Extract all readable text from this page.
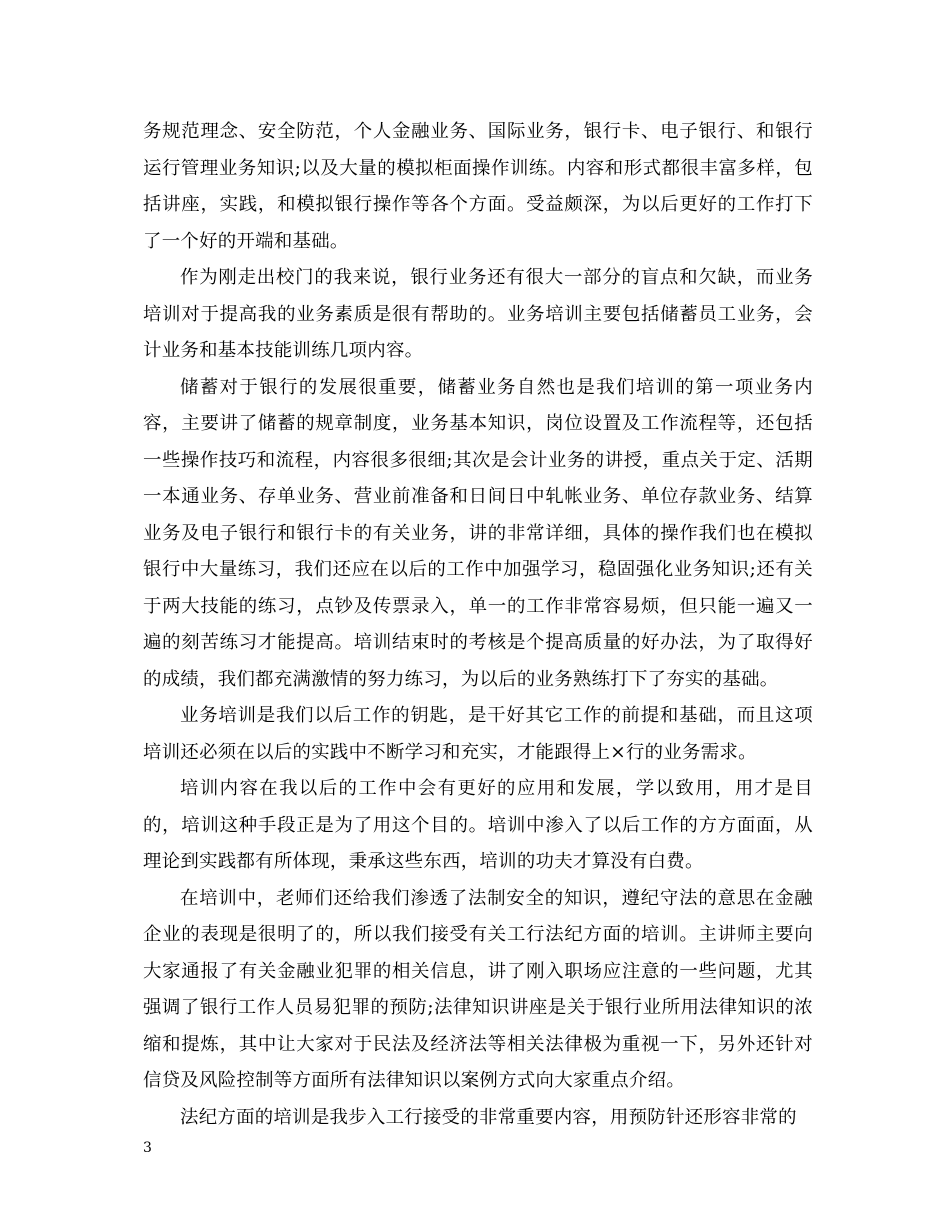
务规范理念、安全防范，个人金融业务、国际业务，银行卡、电子银行、和银行运行管理业务知识;以及大量的模拟柜面操作训练。内容和形式都很丰富多样，包括讲座，实践，和模拟银行操作等各个方面。受益颇深，为以后更好的工作打下了一个好的开端和基础。

作为刚走出校门的我来说，银行业务还有很大一部分的盲点和欠缺，而业务培训对于提高我的业务素质是很有帮助的。业务培训主要包括储蓄员工业务，会计业务和基本技能训练几项内容。

储蓄对于银行的发展很重要，储蓄业务自然也是我们培训的第一项业务内容，主要讲了储蓄的规章制度，业务基本知识，岗位设置及工作流程等，还包括一些操作技巧和流程，内容很多很细;其次是会计业务的讲授，重点关于定、活期一本通业务、存单业务、营业前准备和日间日中轧帐业务、单位存款业务、结算业务及电子银行和银行卡的有关业务，讲的非常详细，具体的操作我们也在模拟银行中大量练习，我们还应在以后的工作中加强学习，稳固强化业务知识;还有关于两大技能的练习，点钞及传票录入，单一的工作非常容易烦，但只能一遍又一遍的刻苦练习才能提高。培训结束时的考核是个提高质量的好办法，为了取得好的成绩，我们都充满激情的努力练习，为以后的业务熟练打下了夯实的基础。

业务培训是我们以后工作的钥匙，是干好其它工作的前提和基础，而且这项培训还必须在以后的实践中不断学习和充实，才能跟得上×行的业务需求。

培训内容在我以后的工作中会有更好的应用和发展，学以致用，用才是目的，培训这种手段正是为了用这个目的。培训中渗入了以后工作的方方面面，从理论到实践都有所体现，秉承这些东西，培训的功夫才算没有白费。

在培训中，老师们还给我们渗透了法制安全的知识，遵纪守法的意思在金融企业的表现是很明了的，所以我们接受有关工行法纪方面的培训。主讲师主要向大家通报了有关金融业犯罪的相关信息，讲了刚入职场应注意的一些问题，尤其强调了银行工作人员易犯罪的预防;法律知识讲座是关于银行业所用法律知识的浓缩和提炼，其中让大家对于民法及经济法等相关法律极为重视一下，另外还针对信贷及风险控制等方面所有法律知识以案例方式向大家重点介绍。

法纪方面的培训是我步入工行接受的非常重要内容，用预防针还形容非常的

3
